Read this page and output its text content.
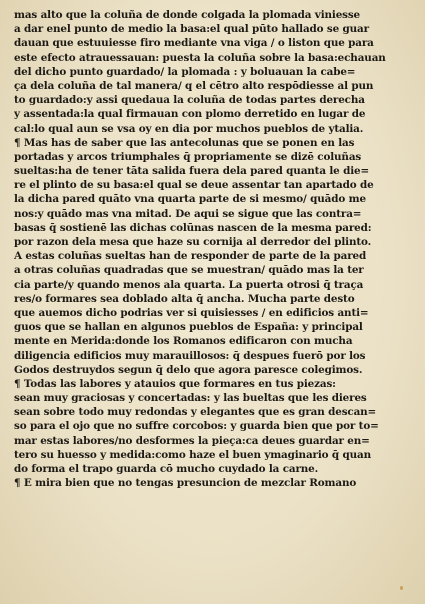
mas alto que la coluña de donde colgada la plomada viniesse
a dar enel punto de medio la basa:el qual pūto hallado se guar
dauan que estuuiesse firo mediante vna viga / o liston que para
este efecto atrauessauan: puesta la coluña sobre la basa:echauan
del dicho punto guardado/ la plomada : y boluauan la cabe=
ça dela coluña de tal manera/ q el cētro alto respōdiesse al pun
to guardado:y assi quedaua la coluña de todas partes derecha
y assentada:la qual firmauan con plomo derretido en lugar de
cal:lo qual aun se vsa oy en dia por muchos pueblos de ytalia.
¶ Mas has de saber que las antecolunas que se ponen en las
portadas y arcos triumphales q̄ propriamente se dizē coluñas
sueltas:ha de tener tāta salida fuera dela pared quanta le die=
re el plinto de su basa:el qual se deue assentar tan apartado de
la dicha pared quāto vna quarta parte de si mesmo/ quādo me
nos:y quādo mas vna mitad. De aqui se sigue que las contra=
basas q̄ sostienē las dichas colūnas nascen de la mesma pared:
por razon dela mesa que haze su cornija al derredor del plinto.
A estas coluñas sueltas han de responder de parte de la pared
a otras coluñas quadradas que se muestran/ quādo mas la ter
cia parte/y quando menos ala quarta. La puerta otrosi q̄ traça
res/o formares sea doblado alta q̄ ancha. Mucha parte desto
que auemos dicho podrias ver si quisiesses / en edificios anti=
guos que se hallan en algunos pueblos de España: y principal
mente en Merida:donde los Romanos edificaron con mucha
diligencia edificios muy marauillosos: q̄ despues fuerō por los
Godos destruydos segun q̄ delo que agora paresce colegimos.
¶ Todas las labores y atauios que formares en tus piezas:
sean muy graciosas y concertadas: y las bueltas que les dieres
sean sobre todo muy redondas y elegantes que es gran descan=
so para el ojo que no suffre corcobos: y guarda bien que por to=
mar estas labores/no desformes la pieça:ca deues guardar en=
tero su huesso y medida:como haze el buen ymaginario q̄ quan
do forma el trapo guarda cō mucho cuydado la carne.
¶ E mira bien que no tengas presuncion de mezclar Romano
